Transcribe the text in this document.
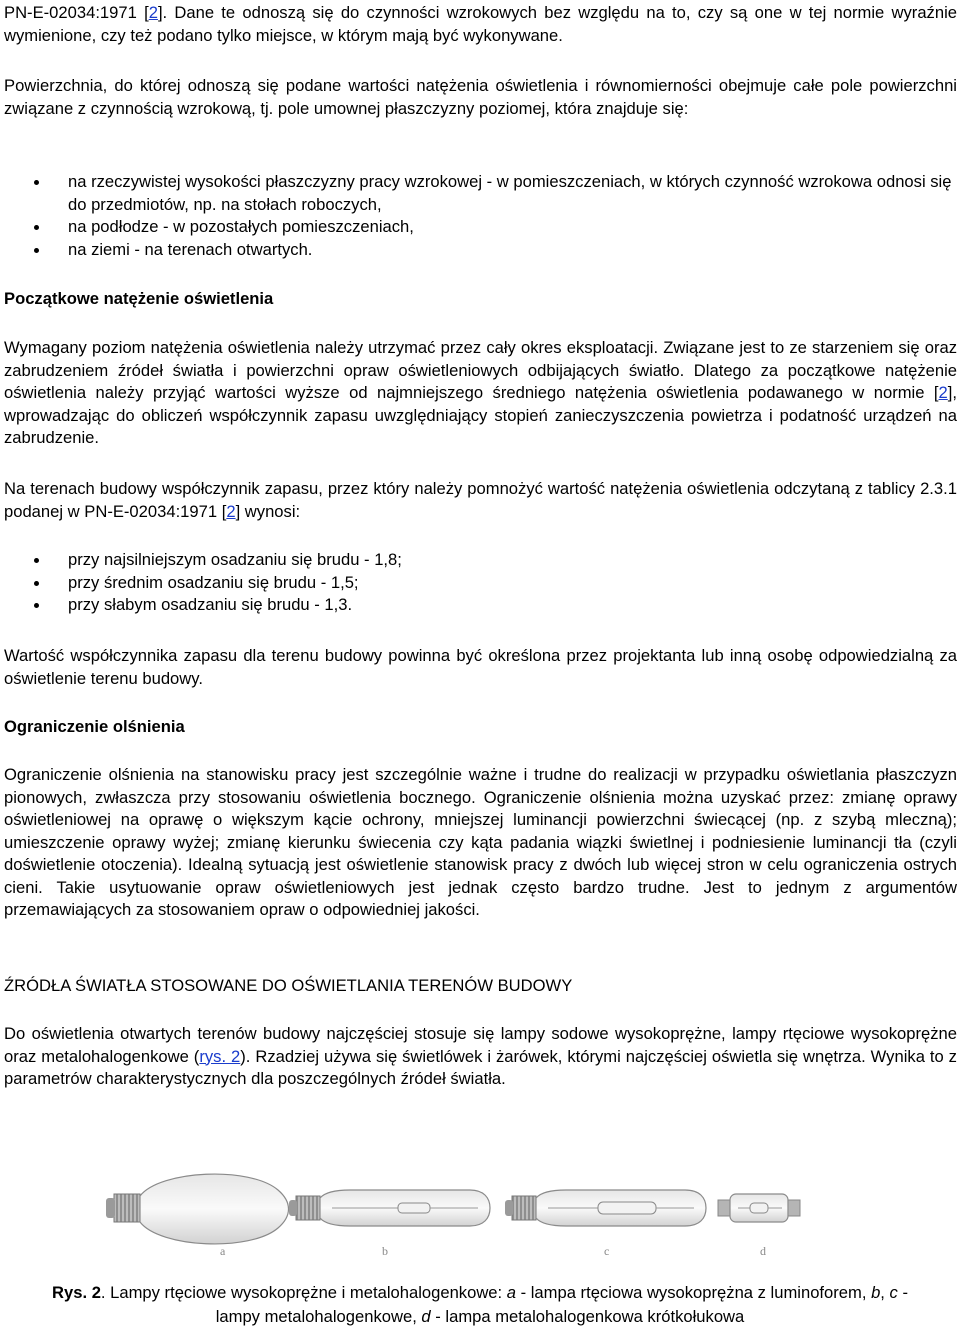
PN-E-02034:1971 [2]. Dane te odnoszą się do czynności wzrokowych bez względu na to, czy są one w tej normie wyraźnie wymienione, czy też podano tylko miejsce, w którym mają być wykonywane.

Powierzchnia, do której odnoszą się podane wartości natężenia oświetlenia i równomierności obejmuje całe pole powierzchni związane z czynnością wzrokową, tj. pole umownej płaszczyzny poziomej, która znajduje się:

na rzeczywistej wysokości płaszczyzny pracy wzrokowej - w pomieszczeniach, w których czynność wzrokowa odnosi się do przedmiotów, np. na stołach roboczych,
na podłodze - w pozostałych pomieszczeniach,
na ziemi - na terenach otwartych.
Początkowe natężenie oświetlenia

Wymagany poziom natężenia oświetlenia należy utrzymać przez cały okres eksploatacji. Związane jest to ze starzeniem się oraz zabrudzeniem źródeł światła i powierzchni opraw oświetleniowych odbijających światło. Dlatego za początkowe natężenie oświetlenia należy przyjąć wartości wyższe od najmniejszego średniego natężenia oświetlenia podawanego w normie [2], wprowadzając do obliczeń współczynnik zapasu uwzględniający stopień zanieczyszczenia powietrza i podatność urządzeń na zabrudzenie.

Na terenach budowy współczynnik zapasu, przez który należy pomnożyć wartość natężenia oświetlenia odczytaną z tablicy 2.3.1 podanej w PN-E-02034:1971 [2] wynosi:

przy najsilniejszym osadzaniu się brudu - 1,8;
przy średnim osadzaniu się brudu - 1,5;
przy słabym osadzaniu się brudu - 1,3.

Wartość współczynnika zapasu dla terenu budowy powinna być określona przez projektanta lub inną osobę odpowiedzialną za oświetlenie terenu budowy.

Ograniczenie olśnienia

Ograniczenie olśnienia na stanowisku pracy jest szczególnie ważne i trudne do realizacji w przypadku oświetlania płaszczyzn pionowych, zwłaszcza przy stosowaniu oświetlenia bocznego. Ograniczenie olśnienia można uzyskać przez: zmianę oprawy oświetleniowej na oprawę o większym kącie ochrony, mniejszej luminancji powierzchni świecącej (np. z szybą mleczną); umieszczenie oprawy wyżej; zmianę kierunku świecenia czy kąta padania wiązki świetlnej i podniesienie luminancji tła (czyli doświetlenie otoczenia). Idealną sytuacją jest oświetlenie stanowisk pracy z dwóch lub więcej stron w celu ograniczenia ostrych cieni. Takie usytuowanie opraw oświetleniowych jest jednak często bardzo trudne. Jest to jednym z argumentów przemawiających za stosowaniem opraw o odpowiedniej jakości.

ŹRÓDŁA ŚWIATŁA STOSOWANE DO OŚWIETLANIA TERENÓW BUDOWY

Do oświetlenia otwartych terenów budowy najczęściej stosuje się lampy sodowe wysokoprężne, lampy rtęciowe wysokoprężne oraz metalohalogenkowe (rys. 2). Rzadziej używa się świetlówek i żarówek, którymi najczęściej oświetla się wnętrza. Wynika to z parametrów charakterystycznych dla poszczególnych źródeł światła.

a	b	c	d
Rys. 2. Lampy rtęciowe wysokoprężne i metalohalogenkowe: a - lampa rtęciowa wysokoprężna z luminoforem, b, c - lampy metalohalogenkowe, d - lampa metalohalogenkowa krótkołukowa
